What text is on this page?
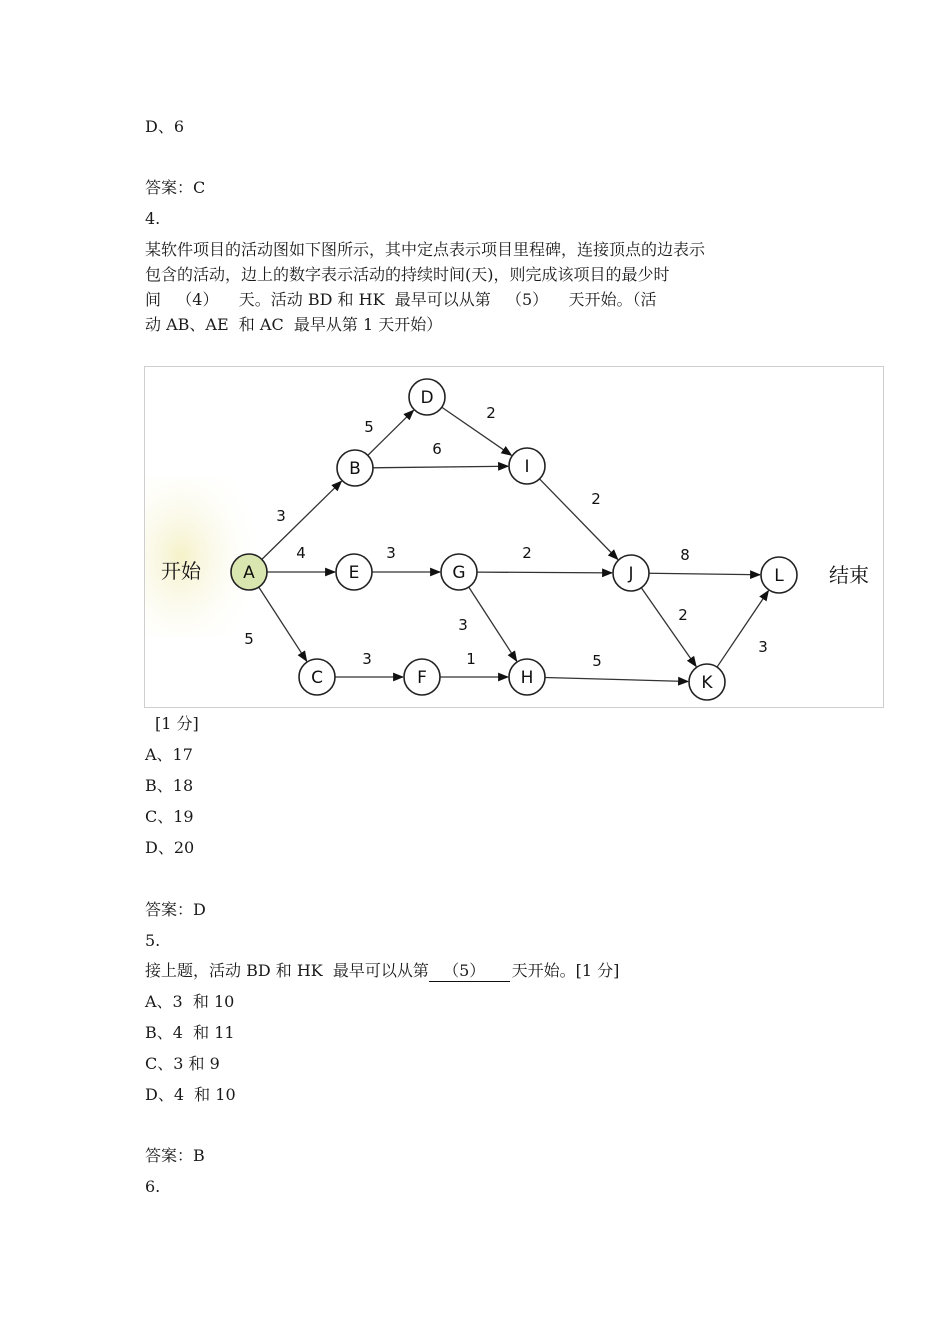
D、6
答案：C
4.
某软件项目的活动图如下图所示，其中定点表示项目里程碑，连接顶点的边表示
包含的活动，边上的数字表示活动的持续时间(天)，则完成该项目的最少时
间   （4）    天。活动 BD 和 HK  最早可以从第   （5）    天开始。（活
动 AB、AE  和 AC  最早从第 1 天开始）
3
4
5
5
6
2
2
3	2
3
3	1	5
8
2
3
A
B
C
D
E
F
G
H
I
J
K
L
开始	结束
[1 分]
A、17
B、18
C、19
D、20
答案：D
5.
接上题，活动 BD 和 HK  最早可以从第  （5）    天开始。[1 分]
A、3  和 10
B、4  和 11
C、3 和 9
D、4  和 10
答案：B
6.
